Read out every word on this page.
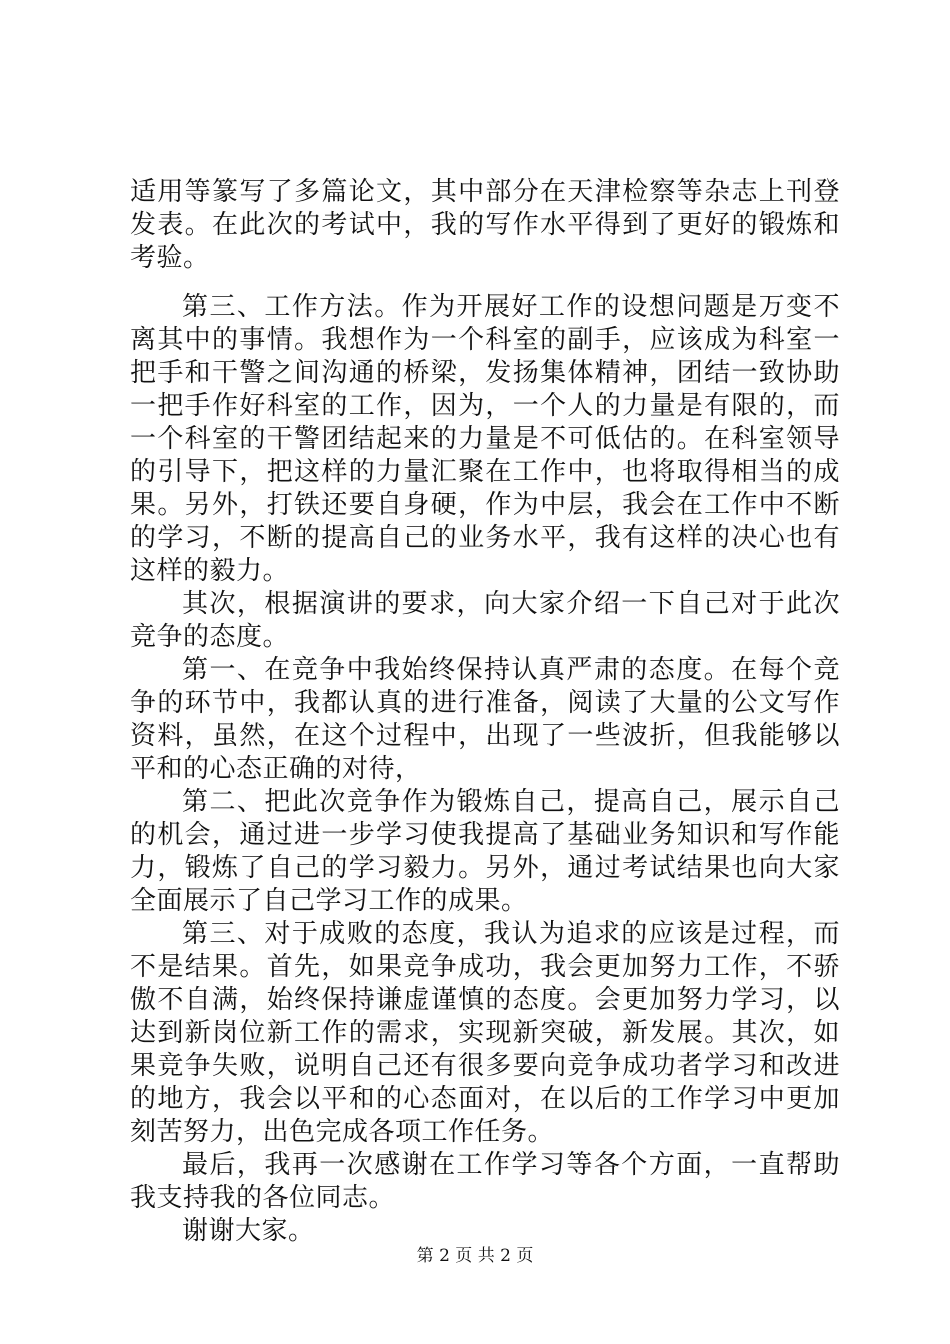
适用等篆写了多篇论文，其中部分在天津检察等杂志上刊登发表。在此次的考试中，我的写作水平得到了更好的锻炼和考验。

第三、工作方法。作为开展好工作的设想问题是万变不离其中的事情。我想作为一个科室的副手，应该成为科室一把手和干警之间沟通的桥梁，发扬集体精神，团结一致协助一把手作好科室的工作，因为，一个人的力量是有限的，而一个科室的干警团结起来的力量是不可低估的。在科室领导的引导下，把这样的力量汇聚在工作中，也将取得相当的成果。另外，打铁还要自身硬，作为中层，我会在工作中不断的学习，不断的提高自己的业务水平，我有这样的决心也有这样的毅力。

其次，根据演讲的要求，向大家介绍一下自己对于此次竞争的态度。

第一、在竞争中我始终保持认真严肃的态度。在每个竞争的环节中，我都认真的进行准备，阅读了大量的公文写作资料，虽然，在这个过程中，出现了一些波折，但我能够以平和的心态正确的对待，

第二、把此次竞争作为锻炼自己，提高自己，展示自己的机会，通过进一步学习使我提高了基础业务知识和写作能力，锻炼了自己的学习毅力。另外，通过考试结果也向大家全面展示了自己学习工作的成果。

第三、对于成败的态度，我认为追求的应该是过程，而不是结果。首先，如果竞争成功，我会更加努力工作，不骄傲不自满，始终保持谦虚谨慎的态度。会更加努力学习，以达到新岗位新工作的需求，实现新突破，新发展。其次，如果竞争失败，说明自己还有很多要向竞争成功者学习和改进的地方，我会以平和的心态面对，在以后的工作学习中更加刻苦努力，出色完成各项工作任务。

最后，我再一次感谢在工作学习等各个方面，一直帮助我支持我的各位同志。

谢谢大家。

第 2 页 共 2 页
